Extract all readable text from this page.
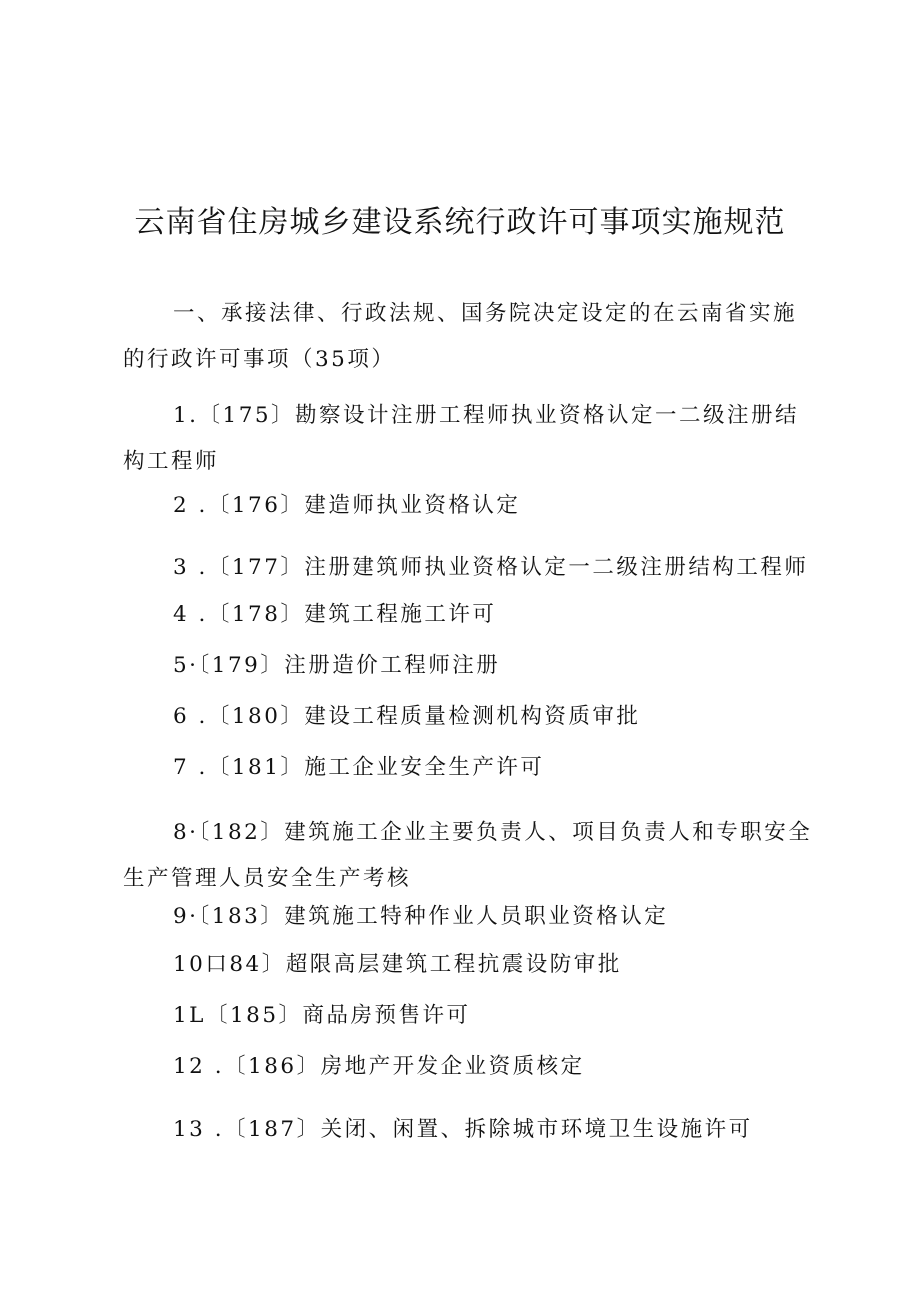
云南省住房城乡建设系统行政许可事项实施规范
一、承接法律、行政法规、国务院决定设定的在云南省实施的行政许可事项（35项）
1.〔175〕勘察设计注册工程师执业资格认定一二级注册结构工程师
2 .〔176〕建造师执业资格认定
3 .〔177〕注册建筑师执业资格认定一二级注册结构工程师
4 .〔178〕建筑工程施工许可
5·〔179〕注册造价工程师注册
6 .〔180〕建设工程质量检测机构资质审批
7 .〔181〕施工企业安全生产许可
8·〔182〕建筑施工企业主要负责人、项目负责人和专职安全生产管理人员安全生产考核
9·〔183〕建筑施工特种作业人员职业资格认定
10口84〕超限高层建筑工程抗震设防审批
1L〔185〕商品房预售许可
12 .〔186〕房地产开发企业资质核定
13 .〔187〕关闭、闲置、拆除城市环境卫生设施许可
